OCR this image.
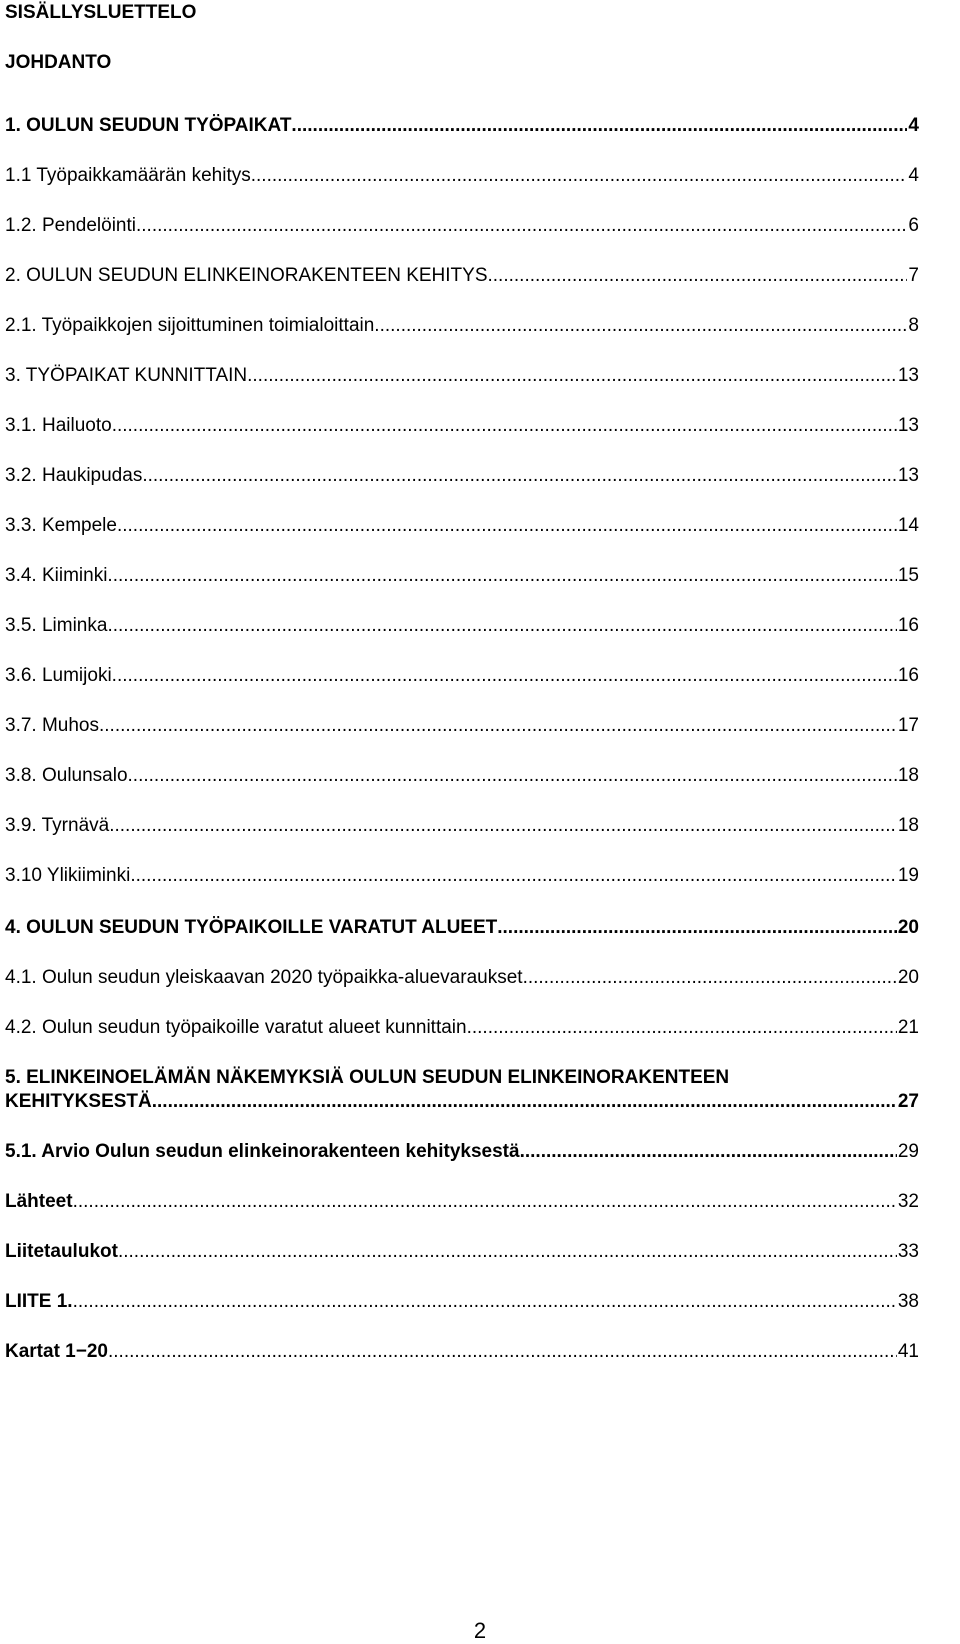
SISÄLLYSLUETTELO
JOHDANTO
1. OULUN SEUDUN TYÖPAIKAT .....	4
1.1 Työpaikkamäärän kehitys .....	4
1.2. Pendelöinti .....	6
2. OULUN SEUDUN ELINKEINORAKENTEEN KEHITYS .....	7
2.1. Työpaikkojen sijoittuminen toimialoittain .....	8
3. TYÖPAIKAT KUNNITTAIN .....	13
3.1. Hailuoto .....	13
3.2. Haukipudas .....	13
3.3. Kempele .....	14
3.4. Kiiminki .....	15
3.5. Liminka .....	16
3.6. Lumijoki .....	16
3.7. Muhos .....	17
3.8. Oulunsalo .....	18
3.9. Tyrnävä .....	18
3.10 Ylikiiminki .....	19
4. OULUN SEUDUN TYÖPAIKOILLE VARATUT ALUEET .....	20
4.1. Oulun seudun yleiskaavan 2020 työpaikka-aluevaraukset .....	20
4.2. Oulun seudun työpaikoille varatut alueet kunnittain .....	21
5. ELINKEINOELÄMÄN NÄKEMYKSIÄ OULUN SEUDUN ELINKEINORAKENTEEN
KEHITYKSESTÄ .....	27
5.1. Arvio Oulun seudun elinkeinorakenteen kehityksestä .....	29
Lähteet .....	32
Liitetaulukot .....	33
LIITE 1. .....	38
Kartat 1−20 .....	41
2
